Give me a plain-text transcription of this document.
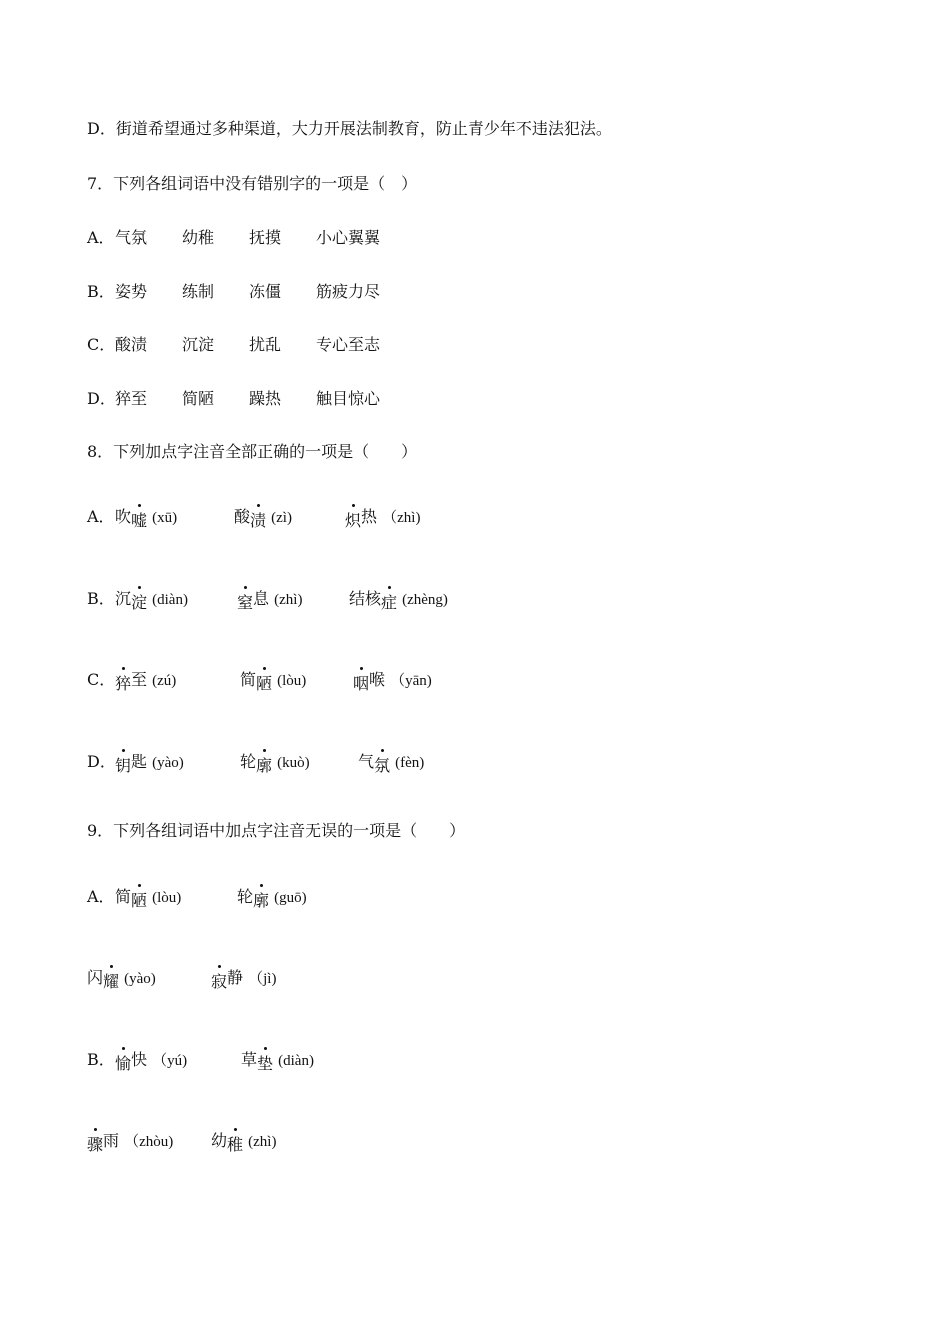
D．街道希望通过多种渠道，大力开展法制教育，防止青少年不违法犯法。
7．下列各组词语中没有错别字的一项是（　）
A． 气氛 幼稚 抚摸 小心翼翼
B． 姿势 练制 冻僵 筋疲力尽
C． 酸渍 沉淀 扰乱 专心至志
D． 猝至 简陋 躁热 触目惊心
8．下列加点字注音全部正确的一项是（　　）
A． 吹嘘 (xū)	酸渍 (zì)	炽热 （zhì)
B． 沉淀 (diàn)	窒息 (zhì)	结核症 (zhèng)
C． 猝至 (zú)	简陋 (lòu)	咽喉 （yān)
D． 钥匙 (yào)	轮廓 (kuò)	气氛 (fèn)
9．下列各组词语中加点字注音无误的一项是（　　）
A． 简陋 (lòu)	轮廓 (guō)
闪耀 (yào)	寂静 （jì)
B． 愉快 （yú)	草垫 (diàn)
骤雨 （zhòu) 幼稚 (zhì)
